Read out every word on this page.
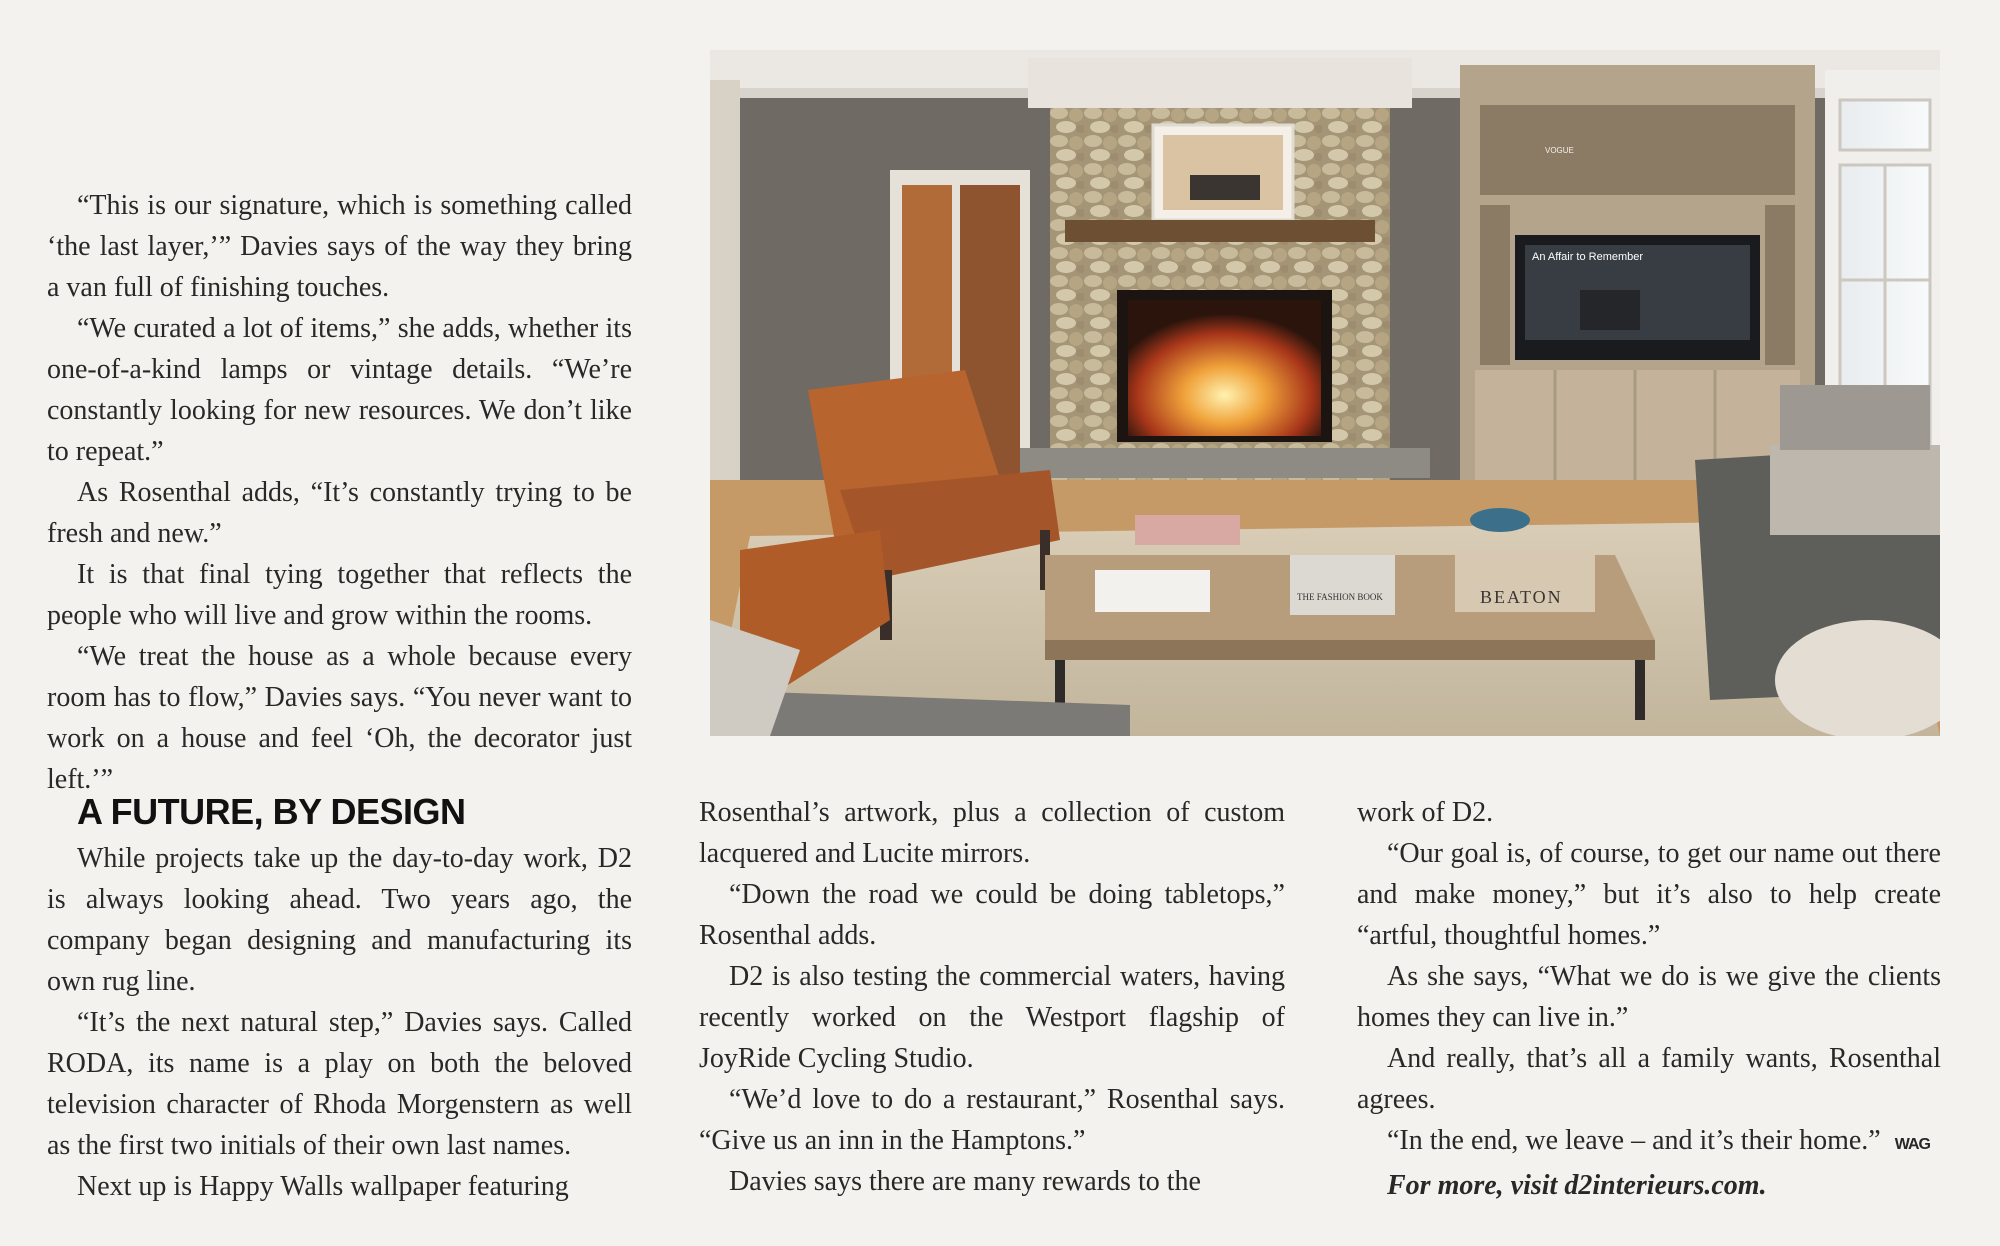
“This is our signature, which is something called ‘the last layer,’” Davies says of the way they bring a van full of finishing touches.

“We curated a lot of items,” she adds, whether its one-of-a-kind lamps or vintage details. “We’re constantly looking for new resources. We don’t like to repeat.”

As Rosenthal adds, “It’s constantly trying to be fresh and new.”

It is that final tying together that reflects the people who will live and grow within the rooms.

“We treat the house as a whole because every room has to flow,” Davies says. “You never want to work on a house and feel ‘Oh, the decorator just left.’”

An Affair to Remember
VOGUE
THE FASHION BOOK	BEATON
A FUTURE, BY DESIGN

While projects take up the day-to-day work, D2 is always looking ahead. Two years ago, the company began designing and manufacturing its own rug line.

“It’s the next natural step,” Davies says. Called RODA, its name is a play on both the beloved television character of Rhoda Morgenstern as well as the first two initials of their own last names.

Next up is Happy Walls wallpaper featuring

Rosenthal’s artwork, plus a collection of custom lacquered and Lucite mirrors.

“Down the road we could be doing tabletops,” Rosenthal adds.

D2 is also testing the commercial waters, having recently worked on the Westport flagship of JoyRide Cycling Studio.

“We’d love to do a restaurant,” Rosenthal says. “Give us an inn in the Hamptons.”

Davies says there are many rewards to the

work of D2.

“Our goal is, of course, to get our name out there and make money,” but it’s also to help create “artful, thoughtful homes.”

As she says, “What we do is we give the clients homes they can live in.”

And really, that’s all a family wants, Rosenthal agrees.

“In the end, we leave – and it’s their home.” WAG

For more, visit d2interieurs.com.
